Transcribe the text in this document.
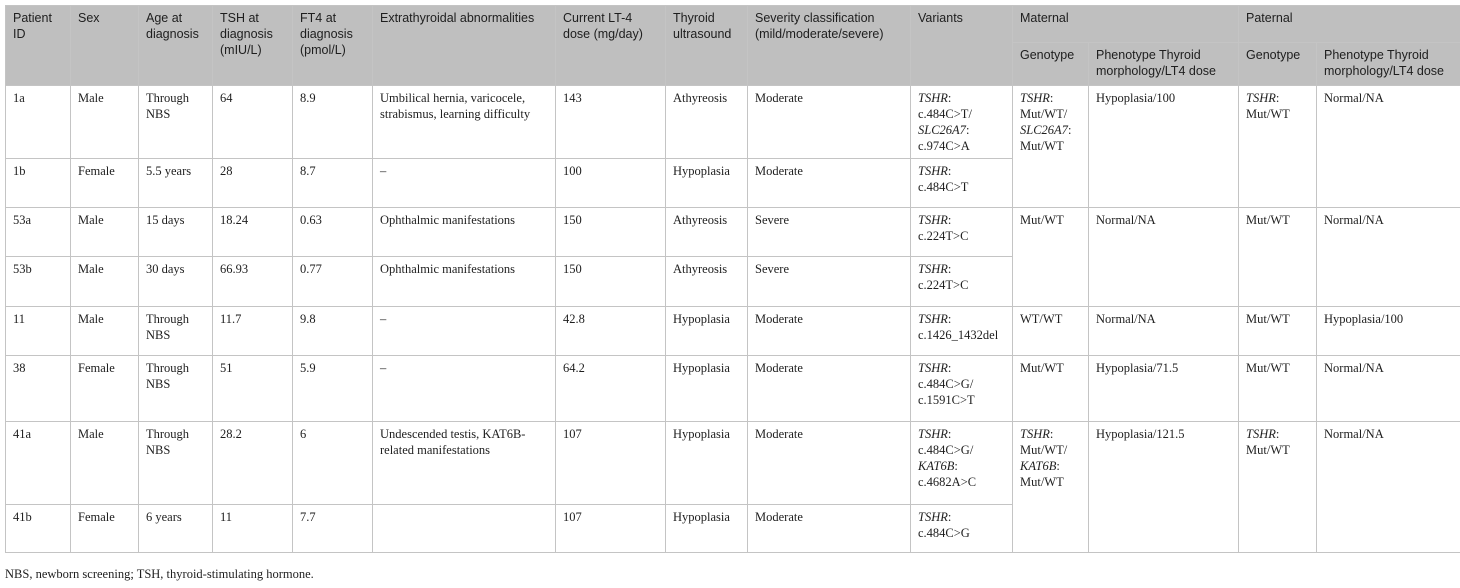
Patient ID	Sex	Age at diagnosis	TSH at diagnosis (mIU/L)	FT4 at diagnosis (pmol/L)	Extrathyroidal abnormalities	Current LT-4 dose (mg/day)	Thyroid ultrasound	Severity classification (mild/moderate/severe)	Variants	Maternal		Paternal	
										Genotype	Phenotype Thyroid morphology/LT4 dose	Genotype	Phenotype Thyroid morphology/LT4 dose
1a	Male	Through NBS	64	8.9	Umbilical hernia, varicocele, strabismus, learning difficulty	143	Athyreosis	Moderate	TSHR:
c.484C>T/
SLC26A7:
c.974C>A	TSHR:
Mut/WT/
SLC26A7:
Mut/WT	Hypoplasia/100	TSHR:
Mut/WT	Normal/NA
1b	Female	5.5 years	28	8.7	–	100	Hypoplasia	Moderate	TSHR:
c.484C>T				
53a	Male	15 days	18.24	0.63	Ophthalmic manifestations	150	Athyreosis	Severe	TSHR:
c.224T>C	Mut/WT	Normal/NA	Mut/WT	Normal/NA
53b	Male	30 days	66.93	0.77	Ophthalmic manifestations	150	Athyreosis	Severe	TSHR:
c.224T>C				
11	Male	Through NBS	11.7	9.8	–	42.8	Hypoplasia	Moderate	TSHR:
c.1426_1432del	WT/WT	Normal/NA	Mut/WT	Hypoplasia/100
38	Female	Through NBS	51	5.9	–	64.2	Hypoplasia	Moderate	TSHR:
c.484C>G/
c.1591C>T	Mut/WT	Hypoplasia/71.5	Mut/WT	Normal/NA
41a	Male	Through NBS	28.2	6	Undescended testis, KAT6B-related manifestations	107	Hypoplasia	Moderate	TSHR:
c.484C>G/
KAT6B:
c.4682A>C	TSHR:
Mut/WT/
KAT6B:
Mut/WT	Hypoplasia/121.5	TSHR:
Mut/WT	Normal/NA
41b	Female	6 years	11	7.7		107	Hypoplasia	Moderate	TSHR:
c.484C>G				
NBS, newborn screening; TSH, thyroid-stimulating hormone.
